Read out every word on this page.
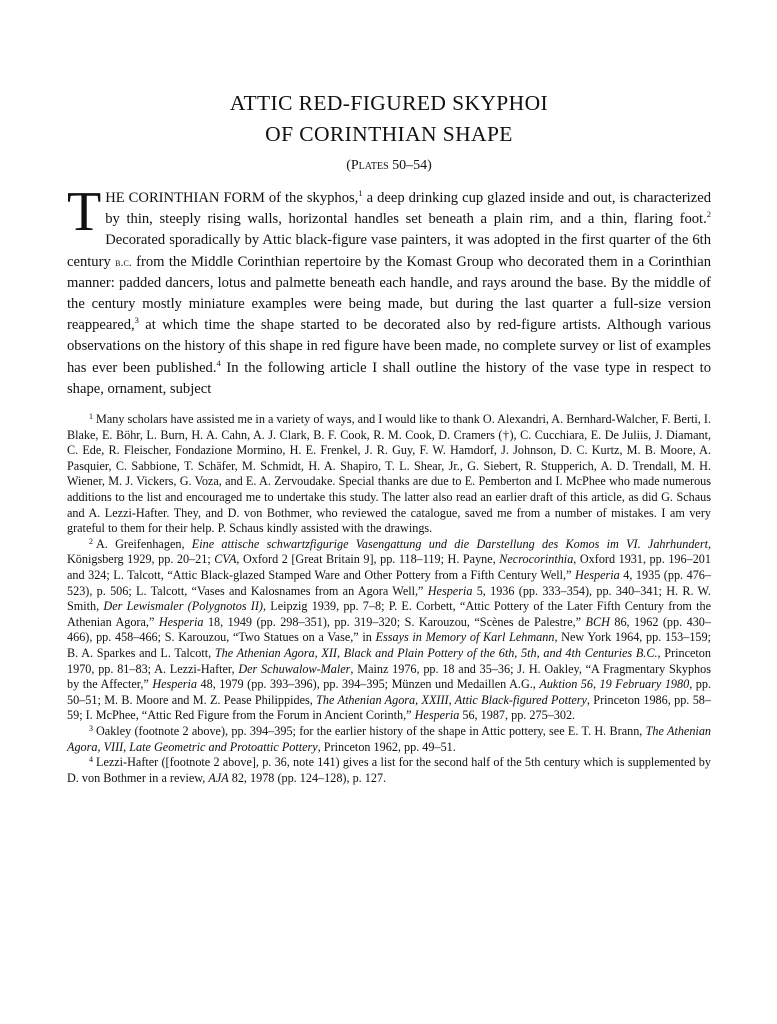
ATTIC RED-FIGURED SKYPHOI
OF CORINTHIAN SHAPE
(Plates 50–54)

THE CORINTHIAN FORM of the skyphos,$^1$ a deep drinking cup glazed inside and out, is characterized by thin, steeply rising walls, horizontal handles set beneath a plain rim, and a thin, flaring foot.$^2$ Decorated sporadically by Attic black-figure vase painters, it was adopted in the first quarter of the 6th century b.c. from the Middle Corinthian repertoire by the Komast Group who decorated them in a Corinthian manner: padded dancers, lotus and palmette beneath each handle, and rays around the base. By the middle of the century mostly miniature examples were being made, but during the last quarter a full-size version reappeared,$^3$ at which time the shape started to be decorated also by red-figure artists. Although various observations on the history of this shape in red figure have been made, no complete survey or list of examples has ever been published.$^4$ In the following article I shall outline the history of the vase type in respect to shape, ornament, subject

$^1$ Many scholars have assisted me in a variety of ways, and I would like to thank O. Alexandri, A. Bernhard-Walcher, F. Berti, I. Blake, E. Böhr, L. Burn, H. A. Cahn, A. J. Clark, B. F. Cook, R. M. Cook, D. Cramers (†), C. Cucchiara, E. De Juliis, J. Diamant, C. Ede, R. Fleischer, Fondazione Mormino, H. E. Frenkel, J. R. Guy, F. W. Hamdorf, J. Johnson, D. C. Kurtz, M. B. Moore, A. Pasquier, C. Sabbione, T. Schäfer, M. Schmidt, H. A. Shapiro, T. L. Shear, Jr., G. Siebert, R. Stupperich, A. D. Trendall, M. H. Wiener, M. J. Vickers, G. Voza, and E. A. Zervoudake. Special thanks are due to E. Pemberton and I. McPhee who made numerous additions to the list and encouraged me to undertake this study. The latter also read an earlier draft of this article, as did G. Schaus and A. Lezzi-Hafter. They, and D. von Bothmer, who reviewed the catalogue, saved me from a number of mistakes. I am very grateful to them for their help. P. Schaus kindly assisted with the drawings.

$^2$ A. Greifenhagen, Eine attische schwartzfigurige Vasengattung und die Darstellung des Komos im VI. Jahrhundert, Königsberg 1929, pp. 20–21; CVA, Oxford 2 [Great Britain 9], pp. 118–119; H. Payne, Necrocorinthia, Oxford 1931, pp. 196–201 and 324; L. Talcott, “Attic Black-glazed Stamped Ware and Other Pottery from a Fifth Century Well,” Hesperia 4, 1935 (pp. 476–523), p. 506; L. Talcott, “Vases and Kalosnames from an Agora Well,” Hesperia 5, 1936 (pp. 333–354), pp. 340–341; H. R. W. Smith, Der Lewismaler (Polygnotos II), Leipzig 1939, pp. 7–8; P. E. Corbett, “Attic Pottery of the Later Fifth Century from the Athenian Agora,” Hesperia 18, 1949 (pp. 298–351), pp. 319–320; S. Karouzou, “Scènes de Palestre,” BCH 86, 1962 (pp. 430–466), pp. 458–466; S. Karouzou, “Two Statues on a Vase,” in Essays in Memory of Karl Lehmann, New York 1964, pp. 153–159; B. A. Sparkes and L. Talcott, The Athenian Agora, XII, Black and Plain Pottery of the 6th, 5th, and 4th Centuries B.C., Princeton 1970, pp. 81–83; A. Lezzi-Hafter, Der Schuwalow-Maler, Mainz 1976, pp. 18 and 35–36; J. H. Oakley, “A Fragmentary Skyphos by the Affecter,” Hesperia 48, 1979 (pp. 393–396), pp. 394–395; Münzen und Medaillen A.G., Auktion 56, 19 February 1980, pp. 50–51; M. B. Moore and M. Z. Pease Philippides, The Athenian Agora, XXIII, Attic Black-figured Pottery, Princeton 1986, pp. 58–59; I. McPhee, “Attic Red Figure from the Forum in Ancient Corinth,” Hesperia 56, 1987, pp. 275–302.

$^3$ Oakley (footnote 2 above), pp. 394–395; for the earlier history of the shape in Attic pottery, see E. T. H. Brann, The Athenian Agora, VIII, Late Geometric and Protoattic Pottery, Princeton 1962, pp. 49–51.

$^4$ Lezzi-Hafter ([footnote 2 above], p. 36, note 141) gives a list for the second half of the 5th century which is supplemented by D. von Bothmer in a review, AJA 82, 1978 (pp. 124–128), p. 127.
